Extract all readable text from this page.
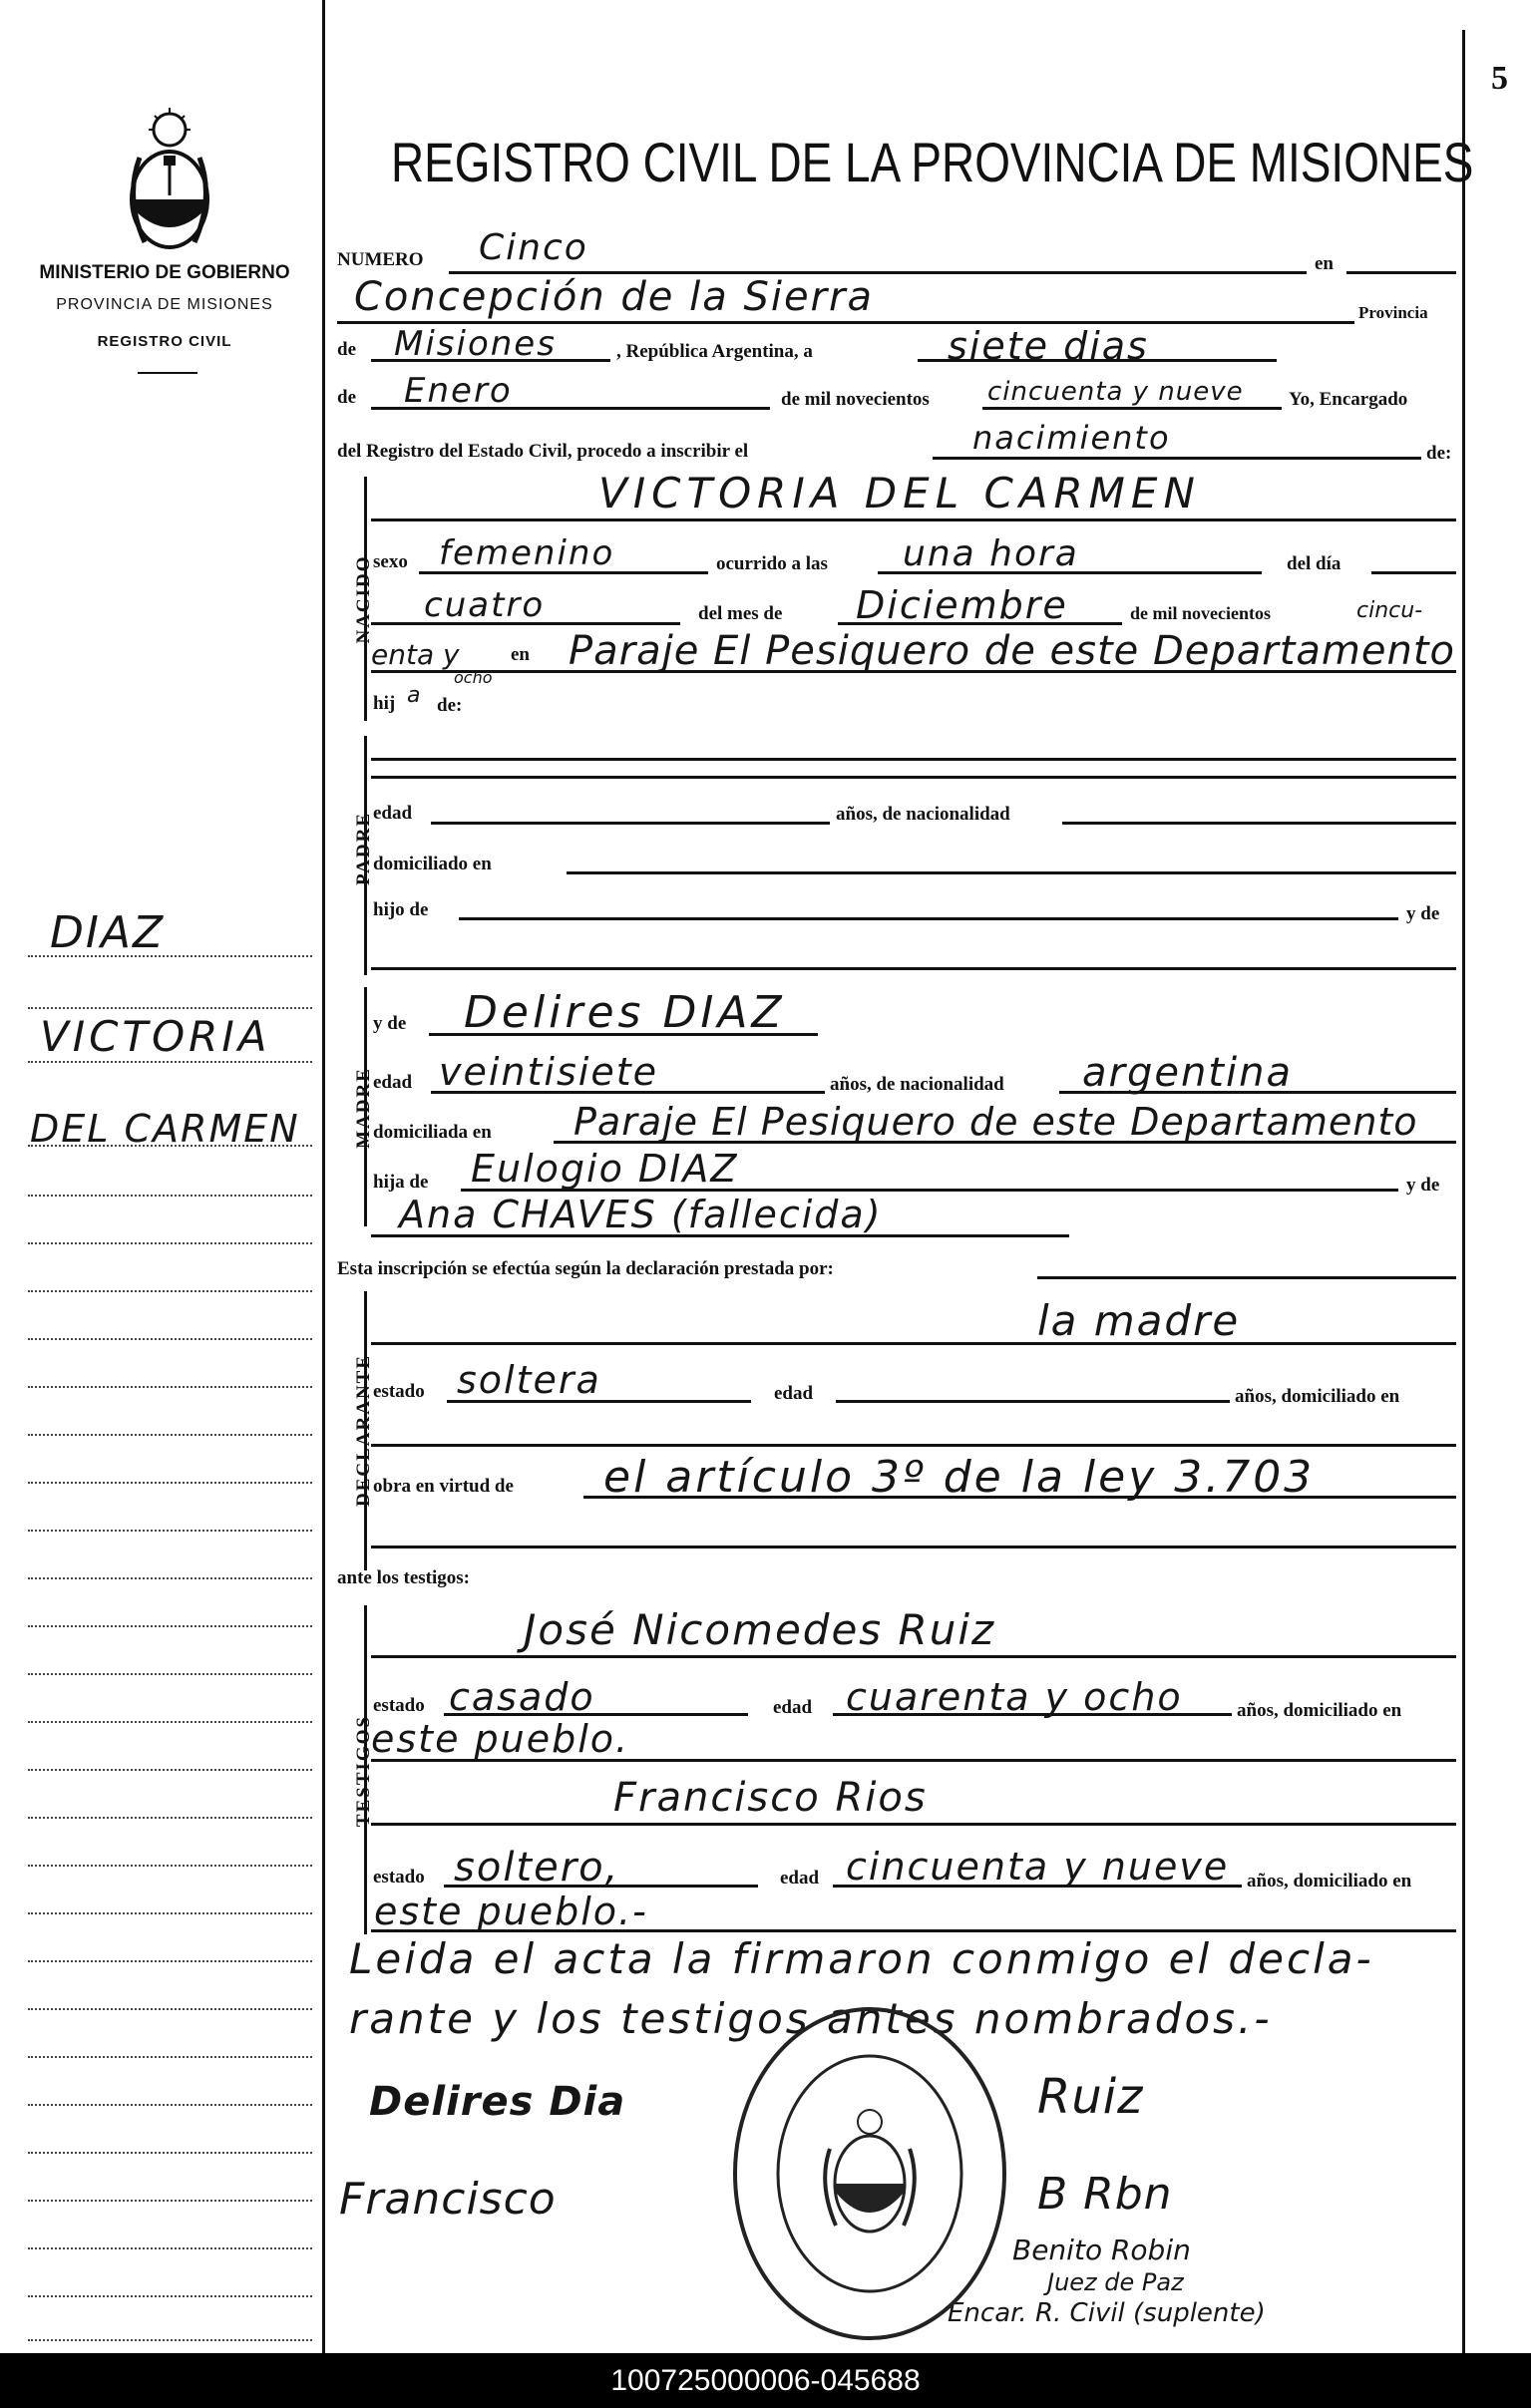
5
MINISTERIO DE GOBIERNO
PROVINCIA DE MISIONES
REGISTRO CIVIL
DIAZ
VICTORIA
DEL CARMEN
REGISTRO CIVIL DE LA PROVINCIA DE MISIONES
NUMERO Cinco	en
Concepción de la Sierra	Provincia
de Misiones	, República Argentina, a	siete dias
de Enero	de mil novecientos cincuenta y nueve Yo, Encargado
del Registro del Estado Civil, procedo a inscribir el	nacimiento	de:
NACIDO
VICTORIA DEL CARMEN
sexo femenino	ocurrido a las una hora	del día
cuatro	del mes de Diciembre	de mil novecientos	cincu-
enta y
ocho
en Paraje El Pesiquero de este Departamento
hij a de:
PADRE edad	años, de nacionalidad
domiciliado en
hijo de	y de
MADRE
y de Delires DIAZ
edad veintisiete	años, de nacionalidad argentina
domiciliada en Paraje El Pesiquero de este Departamento
hija de Eulogio DIAZ	y de
Ana CHAVES (fallecida)
Esta inscripción se efectúa según la declaración prestada por:
DECLARANTE
la madre
estado soltera	edad	años, domiciliado en
obra en virtud de el artículo 3º de la ley 3.703
ante los testigos:
TESTIGOS
José Nicomedes Ruiz
estado casado	edad cuarenta y ocho	años, domiciliado en
este pueblo.
Francisco Rios
estado soltero,	edad cincuenta y nueve años, domiciliado en
este pueblo.-
Leida el acta la firmaron conmigo el decla-
rante y los testigos antes nombrados.-
Delires Dia	Ruiz
Francisco	B Rbn
Benito Robin
Juez de Paz
Encar. R. Civil (suplente)
100725000006-045688
